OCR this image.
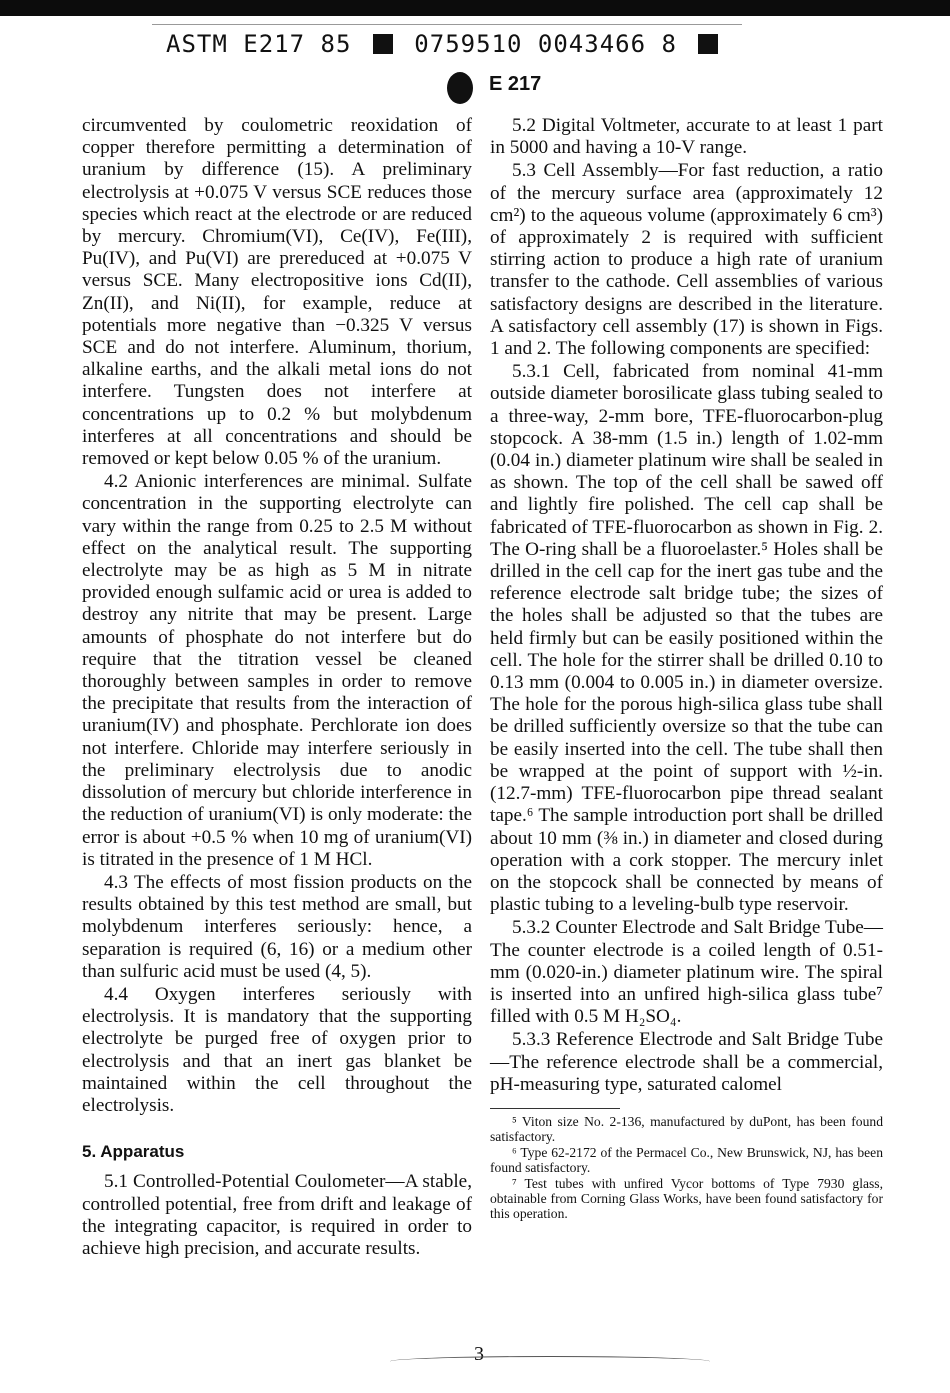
ASTM E217 85	0759510 0043466 8
E 217

circumvented by coulometric reoxidation of copper therefore permitting a determination of uranium by difference (15). A preliminary electrolysis at +0.075 V versus SCE reduces those species which react at the electrode or are reduced by mercury. Chromium(VI), Ce(IV), Fe(III), Pu(IV), and Pu(VI) are prereduced at +0.075 V versus SCE. Many electropositive ions Cd(II), Zn(II), and Ni(II), for example, reduce at potentials more negative than −0.325 V versus SCE and do not interfere. Aluminum, thorium, alkaline earths, and the alkali metal ions do not interfere. Tungsten does not interfere at concentrations up to 0.2 % but molybdenum interferes at all concentrations and should be removed or kept below 0.05 % of the uranium.

4.2 Anionic interferences are minimal. Sulfate concentration in the supporting electrolyte can vary within the range from 0.25 to 2.5 M without effect on the analytical result. The supporting electrolyte may be as high as 5 M in nitrate provided enough sulfamic acid or urea is added to destroy any nitrite that may be present. Large amounts of phosphate do not interfere but do require that the titration vessel be cleaned thoroughly between samples in order to remove the precipitate that results from the interaction of uranium(IV) and phosphate. Perchlorate ion does not interfere. Chloride may interfere seriously in the preliminary electrolysis due to anodic dissolution of mercury but chloride interference in the reduction of uranium(VI) is only moderate: the error is about +0.5 % when 10 mg of uranium(VI) is titrated in the presence of 1 M HCl.

4.3 The effects of most fission products on the results obtained by this test method are small, but molybdenum interferes seriously: hence, a separation is required (6, 16) or a medium other than sulfuric acid must be used (4, 5).

4.4 Oxygen interferes seriously with electrolysis. It is mandatory that the supporting electrolyte be purged free of oxygen prior to electrolysis and that an inert gas blanket be maintained within the cell throughout the electrolysis.

5. Apparatus

5.1 Controlled-Potential Coulometer—A stable, controlled potential, free from drift and leakage of the integrating capacitor, is required in order to achieve high precision, and accurate results.

5.2 Digital Voltmeter, accurate to at least 1 part in 5000 and having a 10-V range.

5.3 Cell Assembly—For fast reduction, a ratio of the mercury surface area (approximately 12 cm²) to the aqueous volume (approximately 6 cm³) of approximately 2 is required with sufficient stirring action to produce a high rate of uranium transfer to the cathode. Cell assemblies of various satisfactory designs are described in the literature. A satisfactory cell assembly (17) is shown in Figs. 1 and 2. The following components are specified:

5.3.1 Cell, fabricated from nominal 41-mm outside diameter borosilicate glass tubing sealed to a three-way, 2-mm bore, TFE-fluorocarbon-plug stopcock. A 38-mm (1.5 in.) length of 1.02-mm (0.04 in.) diameter platinum wire shall be sealed in as shown. The top of the cell shall be sawed off and lightly fire polished. The cell cap shall be fabricated of TFE-fluorocarbon as shown in Fig. 2. The O-ring shall be a fluoroelaster.⁵ Holes shall be drilled in the cell cap for the inert gas tube and the reference electrode salt bridge tube; the sizes of the holes shall be adjusted so that the tubes are held firmly but can be easily positioned within the cell. The hole for the stirrer shall be drilled 0.10 to 0.13 mm (0.004 to 0.005 in.) in diameter oversize. The hole for the porous high-silica glass tube shall be drilled sufficiently oversize so that the tube can be easily inserted into the cell. The tube shall then be wrapped at the point of support with ½-in. (12.7-mm) TFE-fluorocarbon pipe thread sealant tape.⁶ The sample introduction port shall be drilled about 10 mm (⅜ in.) in diameter and closed during operation with a cork stopper. The mercury inlet on the stopcock shall be connected by means of plastic tubing to a leveling-bulb type reservoir.

5.3.2 Counter Electrode and Salt Bridge Tube—The counter electrode is a coiled length of 0.51-mm (0.020-in.) diameter platinum wire. The spiral is inserted into an unfired high-silica glass tube⁷ filled with 0.5 M H₂SO₄.

5.3.3 Reference Electrode and Salt Bridge Tube—The reference electrode shall be a commercial, pH-measuring type, saturated calomel

⁵ Viton size No. 2-136, manufactured by duPont, has been found satisfactory.

⁶ Type 62-2172 of the Permacel Co., New Brunswick, NJ, has been found satisfactory.

⁷ Test tubes with unfired Vycor bottoms of Type 7930 glass, obtainable from Corning Glass Works, have been found satisfactory for this operation.

3
